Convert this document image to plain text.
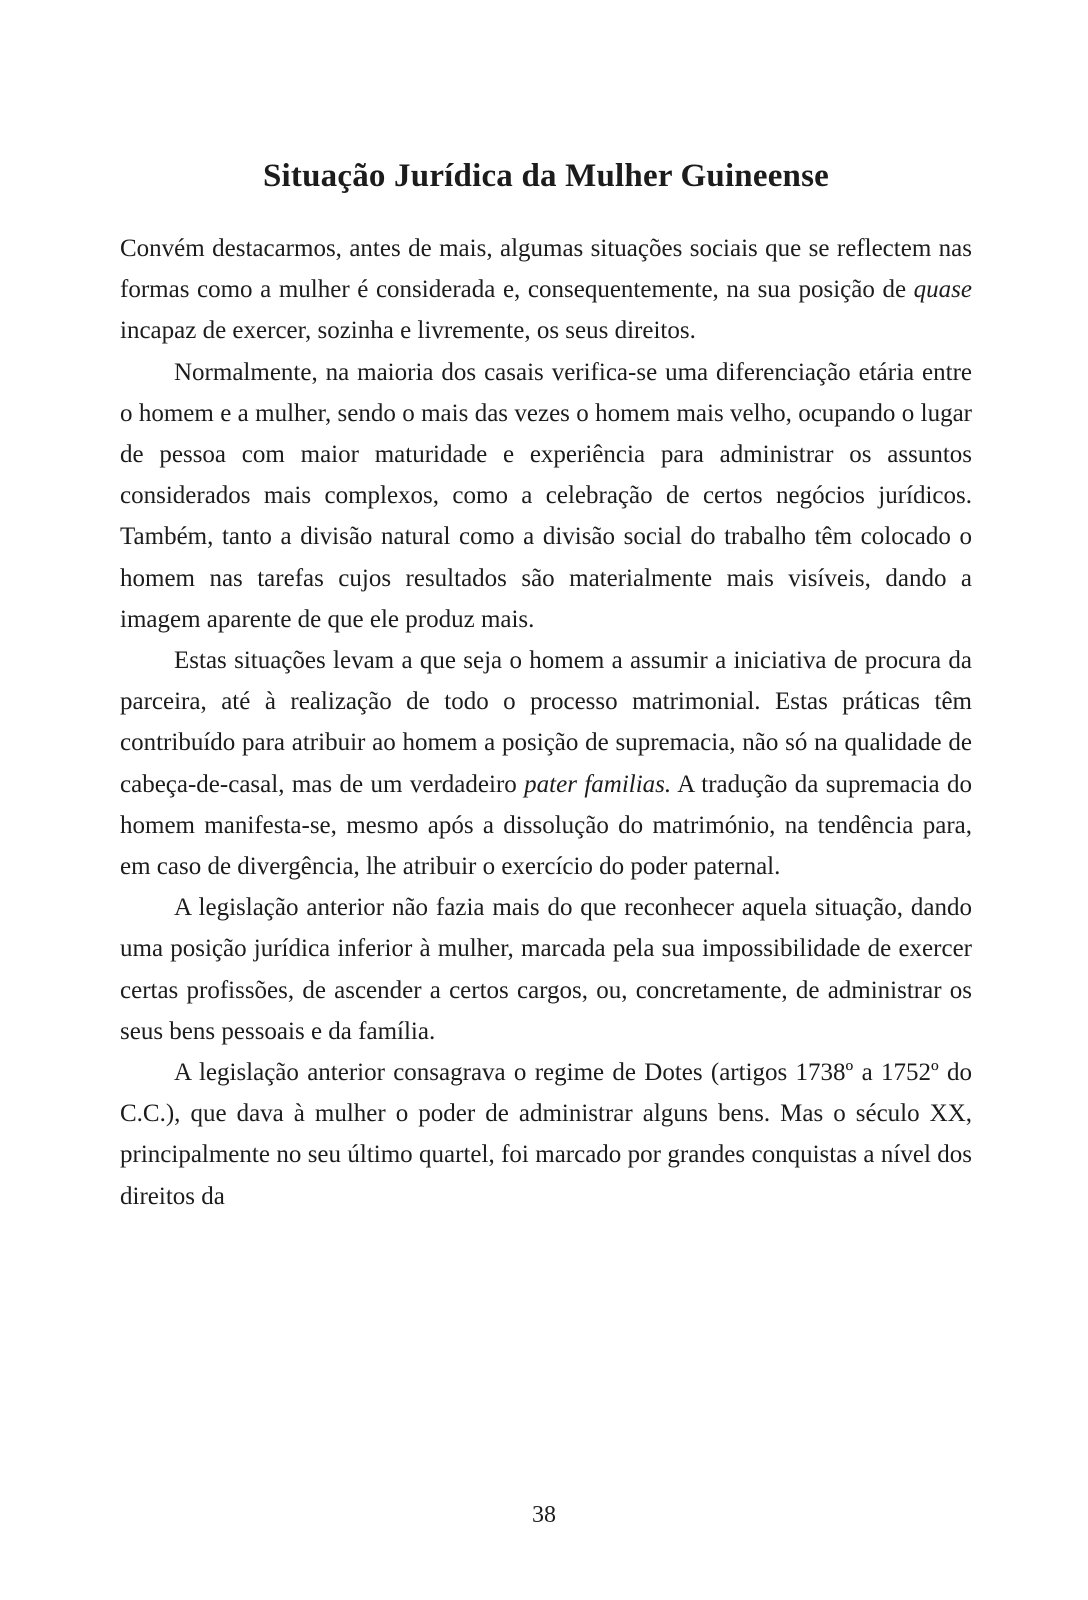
Situação Jurídica da Mulher Guineense

Convém destacarmos, antes de mais, algumas situações sociais que se reflectem nas formas como a mulher é considerada e, consequentemente, na sua posição de quase incapaz de exercer, sozinha e livremente, os seus direitos.

Normalmente, na maioria dos casais verifica-se uma diferenciação etária entre o homem e a mulher, sendo o mais das vezes o homem mais velho, ocupando o lugar de pessoa com maior maturidade e experiência para administrar os assuntos considerados mais complexos, como a celebração de certos negócios jurídicos. Também, tanto a divisão natural como a divisão social do trabalho têm colocado o homem nas tarefas cujos resultados são materialmente mais visíveis, dando a imagem aparente de que ele produz mais.

Estas situações levam a que seja o homem a assumir a iniciativa de procura da parceira, até à realização de todo o processo matrimonial. Estas práticas têm contribuído para atribuir ao homem a posição de supremacia, não só na qualidade de cabeça-de-casal, mas de um verdadeiro pater familias. A tradução da supremacia do homem manifesta-se, mesmo após a dissolução do matrimónio, na tendência para, em caso de divergência, lhe atribuir o exercício do poder paternal.

A legislação anterior não fazia mais do que reconhecer aquela situação, dando uma posição jurídica inferior à mulher, marcada pela sua impossibilidade de exercer certas profissões, de ascender a certos cargos, ou, concretamente, de administrar os seus bens pessoais e da família.

A legislação anterior consagrava o regime de Dotes (artigos 1738º a 1752º do C.C.), que dava à mulher o poder de administrar alguns bens. Mas o século XX, principalmente no seu último quartel, foi marcado por grandes conquistas a nível dos direitos da

38
